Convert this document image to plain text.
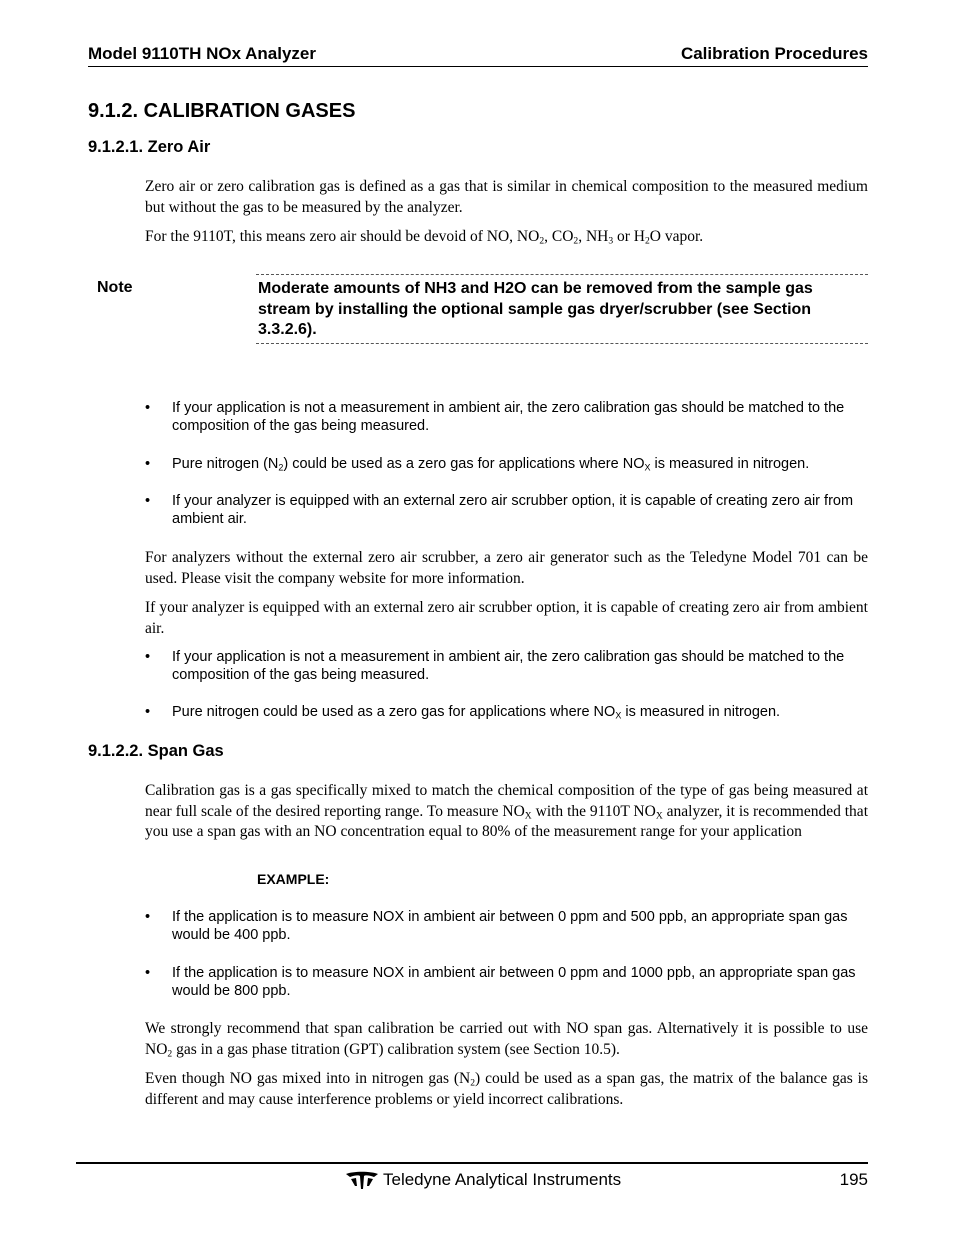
Model 9110TH NOx Analyzer	Calibration Procedures
9.1.2. CALIBRATION GASES
9.1.2.1. Zero Air
Zero air or zero calibration gas is defined as a gas that is similar in chemical composition to the measured medium but without the gas to be measured by the analyzer.
For the 9110T, this means zero air should be devoid of NO, $NO_2$, $CO_2$, $NH_3$ or $H_2O$ vapor.
Note	Moderate amounts of NH3 and H2O can be removed from the sample gas stream by installing the optional sample gas dryer/scrubber (see Section 3.3.2.6).
• If your application is not a measurement in ambient air, the zero calibration gas should be matched to the composition of the gas being measured.
• Pure nitrogen $(N_2)$ could be used as a zero gas for applications where $NO_X$ is measured in nitrogen.
• If your analyzer is equipped with an external zero air scrubber option, it is capable of creating zero air from ambient air.
For analyzers without the external zero air scrubber, a zero air generator such as the Teledyne Model 701 can be used. Please visit the company website for more information.
If your analyzer is equipped with an external zero air scrubber option, it is capable of creating zero air from ambient air.
• If your application is not a measurement in ambient air, the zero calibration gas should be matched to the composition of the gas being measured.
• Pure nitrogen could be used as a zero gas for applications where $NO_X$ is measured in nitrogen.
9.1.2.2. Span Gas
Calibration gas is a gas specifically mixed to match the chemical composition of the type of gas being measured at near full scale of the desired reporting range. To measure $NO_X$ with the 9110T $NO_X$ analyzer, it is recommended that you use a span gas with an NO concentration equal to 80% of the measurement range for your application
EXAMPLE:
• If the application is to measure NOX in ambient air between 0 ppm and 500 ppb, an appropriate span gas would be 400 ppb.
• If the application is to measure NOX in ambient air between 0 ppm and 1000 ppb, an appropriate span gas would be 800 ppb.
We strongly recommend that span calibration be carried out with NO span gas. Alternatively it is possible to use $NO_2$ gas in a gas phase titration (GPT) calibration system (see Section 10.5).
Even though NO gas mixed into in nitrogen gas $(N_2)$ could be used as a span gas, the matrix of the balance gas is different and may cause interference problems or yield incorrect calibrations.
Teledyne Analytical Instruments	195
